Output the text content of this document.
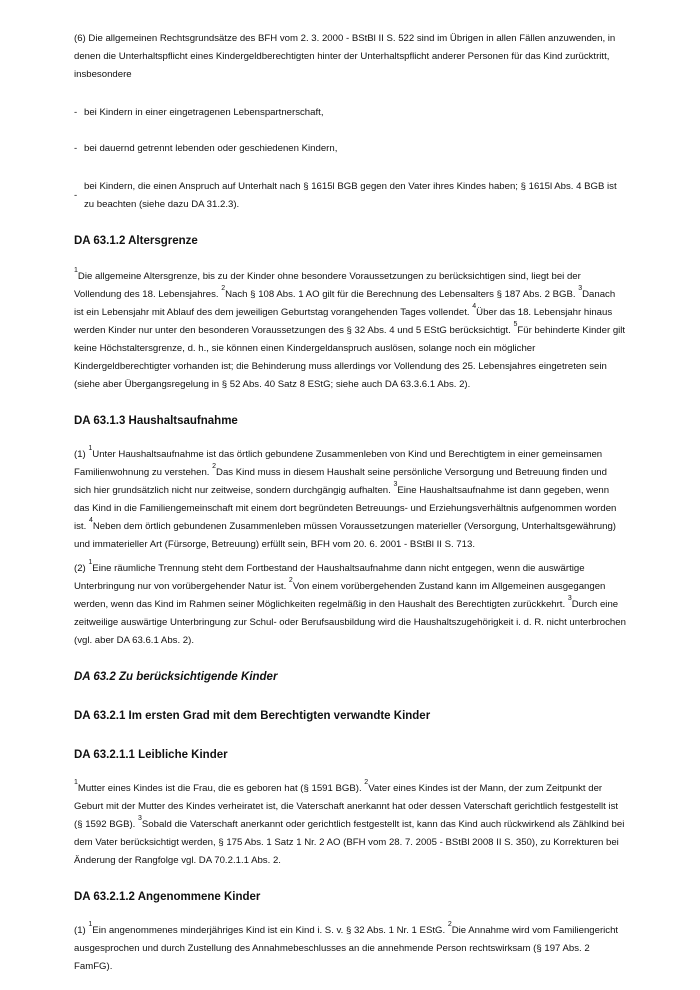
(6) Die allgemeinen Rechtsgrundsätze des BFH vom 2. 3. 2000 - BStBl II S. 522 sind im Übrigen in allen Fällen anzuwenden, in denen die Unterhaltspflicht eines Kindergeldberechtigten hinter der Unterhaltspflicht anderer Personen für das Kind zurücktritt, insbesondere

- bei Kindern in einer eingetragenen Lebenspartnerschaft,
- bei dauernd getrennt lebenden oder geschiedenen Kindern,
-
bei Kindern, die einen Anspruch auf Unterhalt nach § 1615l BGB gegen den Vater ihres Kindes haben; § 1615l Abs. 4 BGB ist zu beachten (siehe dazu DA 31.2.3).
DA 63.1.2 Altersgrenze

$^1$Die allgemeine Altersgrenze, bis zu der Kinder ohne besondere Voraussetzungen zu berücksichtigen sind, liegt bei der Vollendung des 18. Lebensjahres. $^2$Nach § 108 Abs. 1 AO gilt für die Berechnung des Lebensalters § 187 Abs. 2 BGB. $^3$Danach ist ein Lebensjahr mit Ablauf des dem jeweiligen Geburtstag vorangehenden Tages vollendet. $^4$Über das 18. Lebensjahr hinaus werden Kinder nur unter den besonderen Voraussetzungen des § 32 Abs. 4 und 5 EStG berücksichtigt. $^5$Für behinderte Kinder gilt keine Höchstaltersgrenze, d. h., sie können einen Kindergeldanspruch auslösen, solange noch ein möglicher Kindergeldberechtigter vorhanden ist; die Behinderung muss allerdings vor Vollendung des 25. Lebensjahres eingetreten sein (siehe aber Übergangsregelung in § 52 Abs. 40 Satz 8 EStG; siehe auch DA 63.3.6.1 Abs. 2).

DA 63.1.3 Haushaltsaufnahme

(1) $^1$Unter Haushaltsaufnahme ist das örtlich gebundene Zusammenleben von Kind und Berechtigtem in einer gemeinsamen Familienwohnung zu verstehen. $^2$Das Kind muss in diesem Haushalt seine persönliche Versorgung und Betreuung finden und sich hier grundsätzlich nicht nur zeitweise, sondern durchgängig aufhalten. $^3$Eine Haushaltsaufnahme ist dann gegeben, wenn das Kind in die Familiengemeinschaft mit einem dort begründeten Betreuungs- und Erziehungsverhältnis aufgenommen worden ist. $^4$Neben dem örtlich gebundenen Zusammenleben müssen Voraussetzungen materieller (Versorgung, Unterhaltsgewährung) und immaterieller Art (Fürsorge, Betreuung) erfüllt sein, BFH vom 20. 6. 2001 - BStBl II S. 713.

(2) $^1$Eine räumliche Trennung steht dem Fortbestand der Haushaltsaufnahme dann nicht entgegen, wenn die auswärtige Unterbringung nur von vorübergehender Natur ist. $^2$Von einem vorübergehenden Zustand kann im Allgemeinen ausgegangen werden, wenn das Kind im Rahmen seiner Möglichkeiten regelmäßig in den Haushalt des Berechtigten zurückkehrt. $^3$Durch eine zeitweilige auswärtige Unterbringung zur Schul- oder Berufsausbildung wird die Haushaltszugehörigkeit i. d. R. nicht unterbrochen (vgl. aber DA 63.6.1 Abs. 2).

DA 63.2 Zu berücksichtigende Kinder
DA 63.2.1 Im ersten Grad mit dem Berechtigten verwandte Kinder
DA 63.2.1.1 Leibliche Kinder

$^1$Mutter eines Kindes ist die Frau, die es geboren hat (§ 1591 BGB). $^2$Vater eines Kindes ist der Mann, der zum Zeitpunkt der Geburt mit der Mutter des Kindes verheiratet ist, die Vaterschaft anerkannt hat oder dessen Vaterschaft gerichtlich festgestellt ist (§ 1592 BGB). $^3$Sobald die Vaterschaft anerkannt oder gerichtlich festgestellt ist, kann das Kind auch rückwirkend als Zählkind bei dem Vater berücksichtigt werden, § 175 Abs. 1 Satz 1 Nr. 2 AO (BFH vom 28. 7. 2005 - BStBl 2008 II S. 350), zu Korrekturen bei Änderung der Rangfolge vgl. DA 70.2.1.1 Abs. 2.

DA 63.2.1.2 Angenommene Kinder

(1) $^1$Ein angenommenes minderjähriges Kind ist ein Kind i. S. v. § 32 Abs. 1 Nr. 1 EStG. $^2$Die Annahme wird vom Familiengericht ausgesprochen und durch Zustellung des Annahmebeschlusses an die annehmende Person rechtswirksam (§ 197 Abs. 2 FamFG).
